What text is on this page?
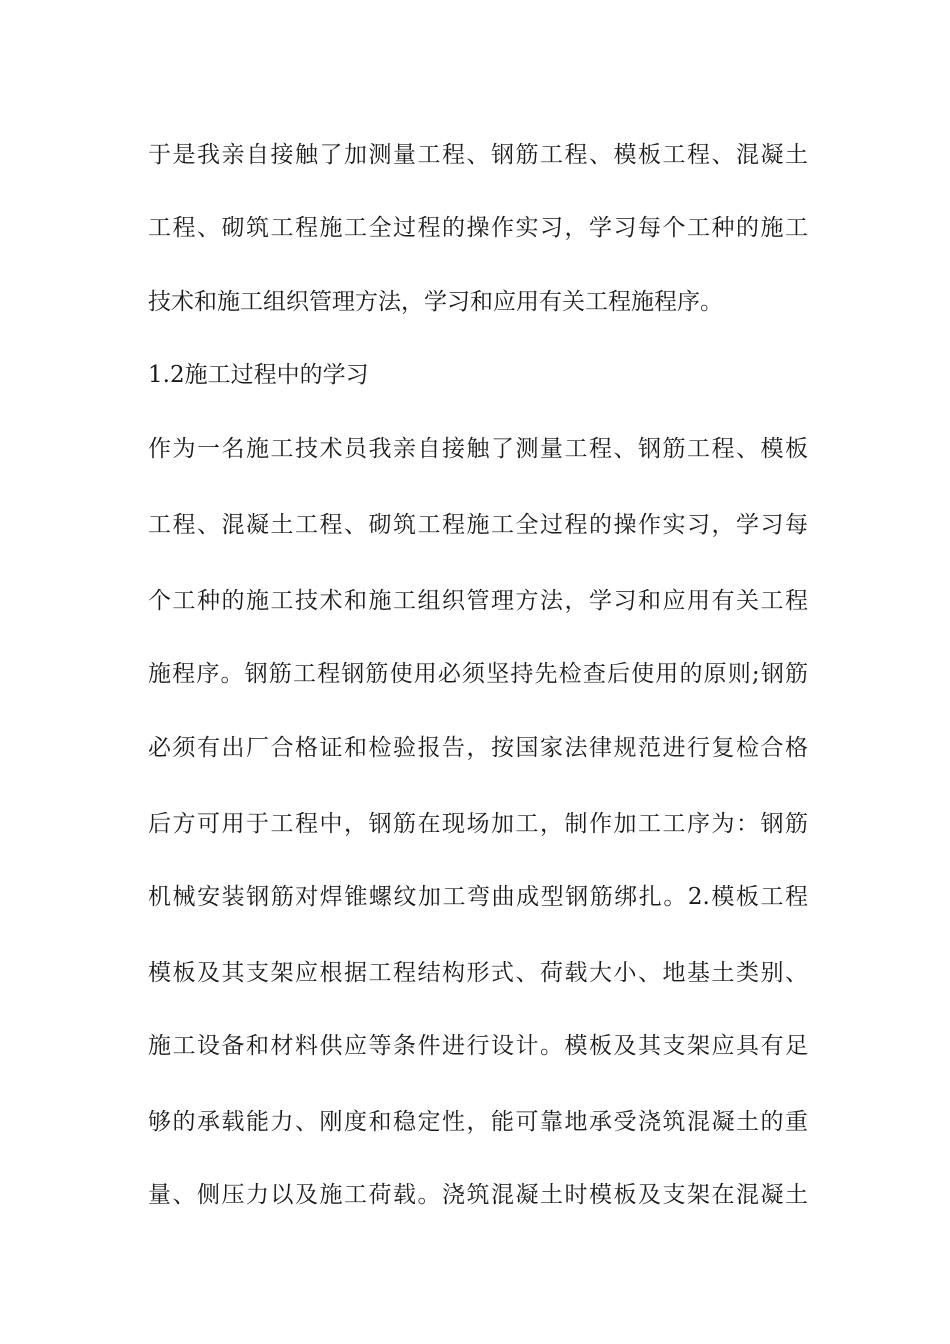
于是我亲自接触了加测量工程、钢筋工程、模板工程、混凝土
工程、砌筑工程施工全过程的操作实习，学习每个工种的施工
技术和施工组织管理方法，学习和应用有关工程施程序。
1.2施工过程中的学习
作为一名施工技术员我亲自接触了测量工程、钢筋工程、模板
工程、混凝土工程、砌筑工程施工全过程的操作实习，学习每
个工种的施工技术和施工组织管理方法，学习和应用有关工程
施程序。钢筋工程钢筋使用必须坚持先检查后使用的原则;钢筋
必须有出厂合格证和检验报告，按国家法律规范进行复检合格
后方可用于工程中，钢筋在现场加工，制作加工工序为：钢筋
机械安装钢筋对焊锥螺纹加工弯曲成型钢筋绑扎。2.模板工程
模板及其支架应根据工程结构形式、荷载大小、地基土类别、
施工设备和材料供应等条件进行设计。模板及其支架应具有足
够的承载能力、刚度和稳定性，能可靠地承受浇筑混凝土的重
量、侧压力以及施工荷载。浇筑混凝土时模板及支架在混凝土
